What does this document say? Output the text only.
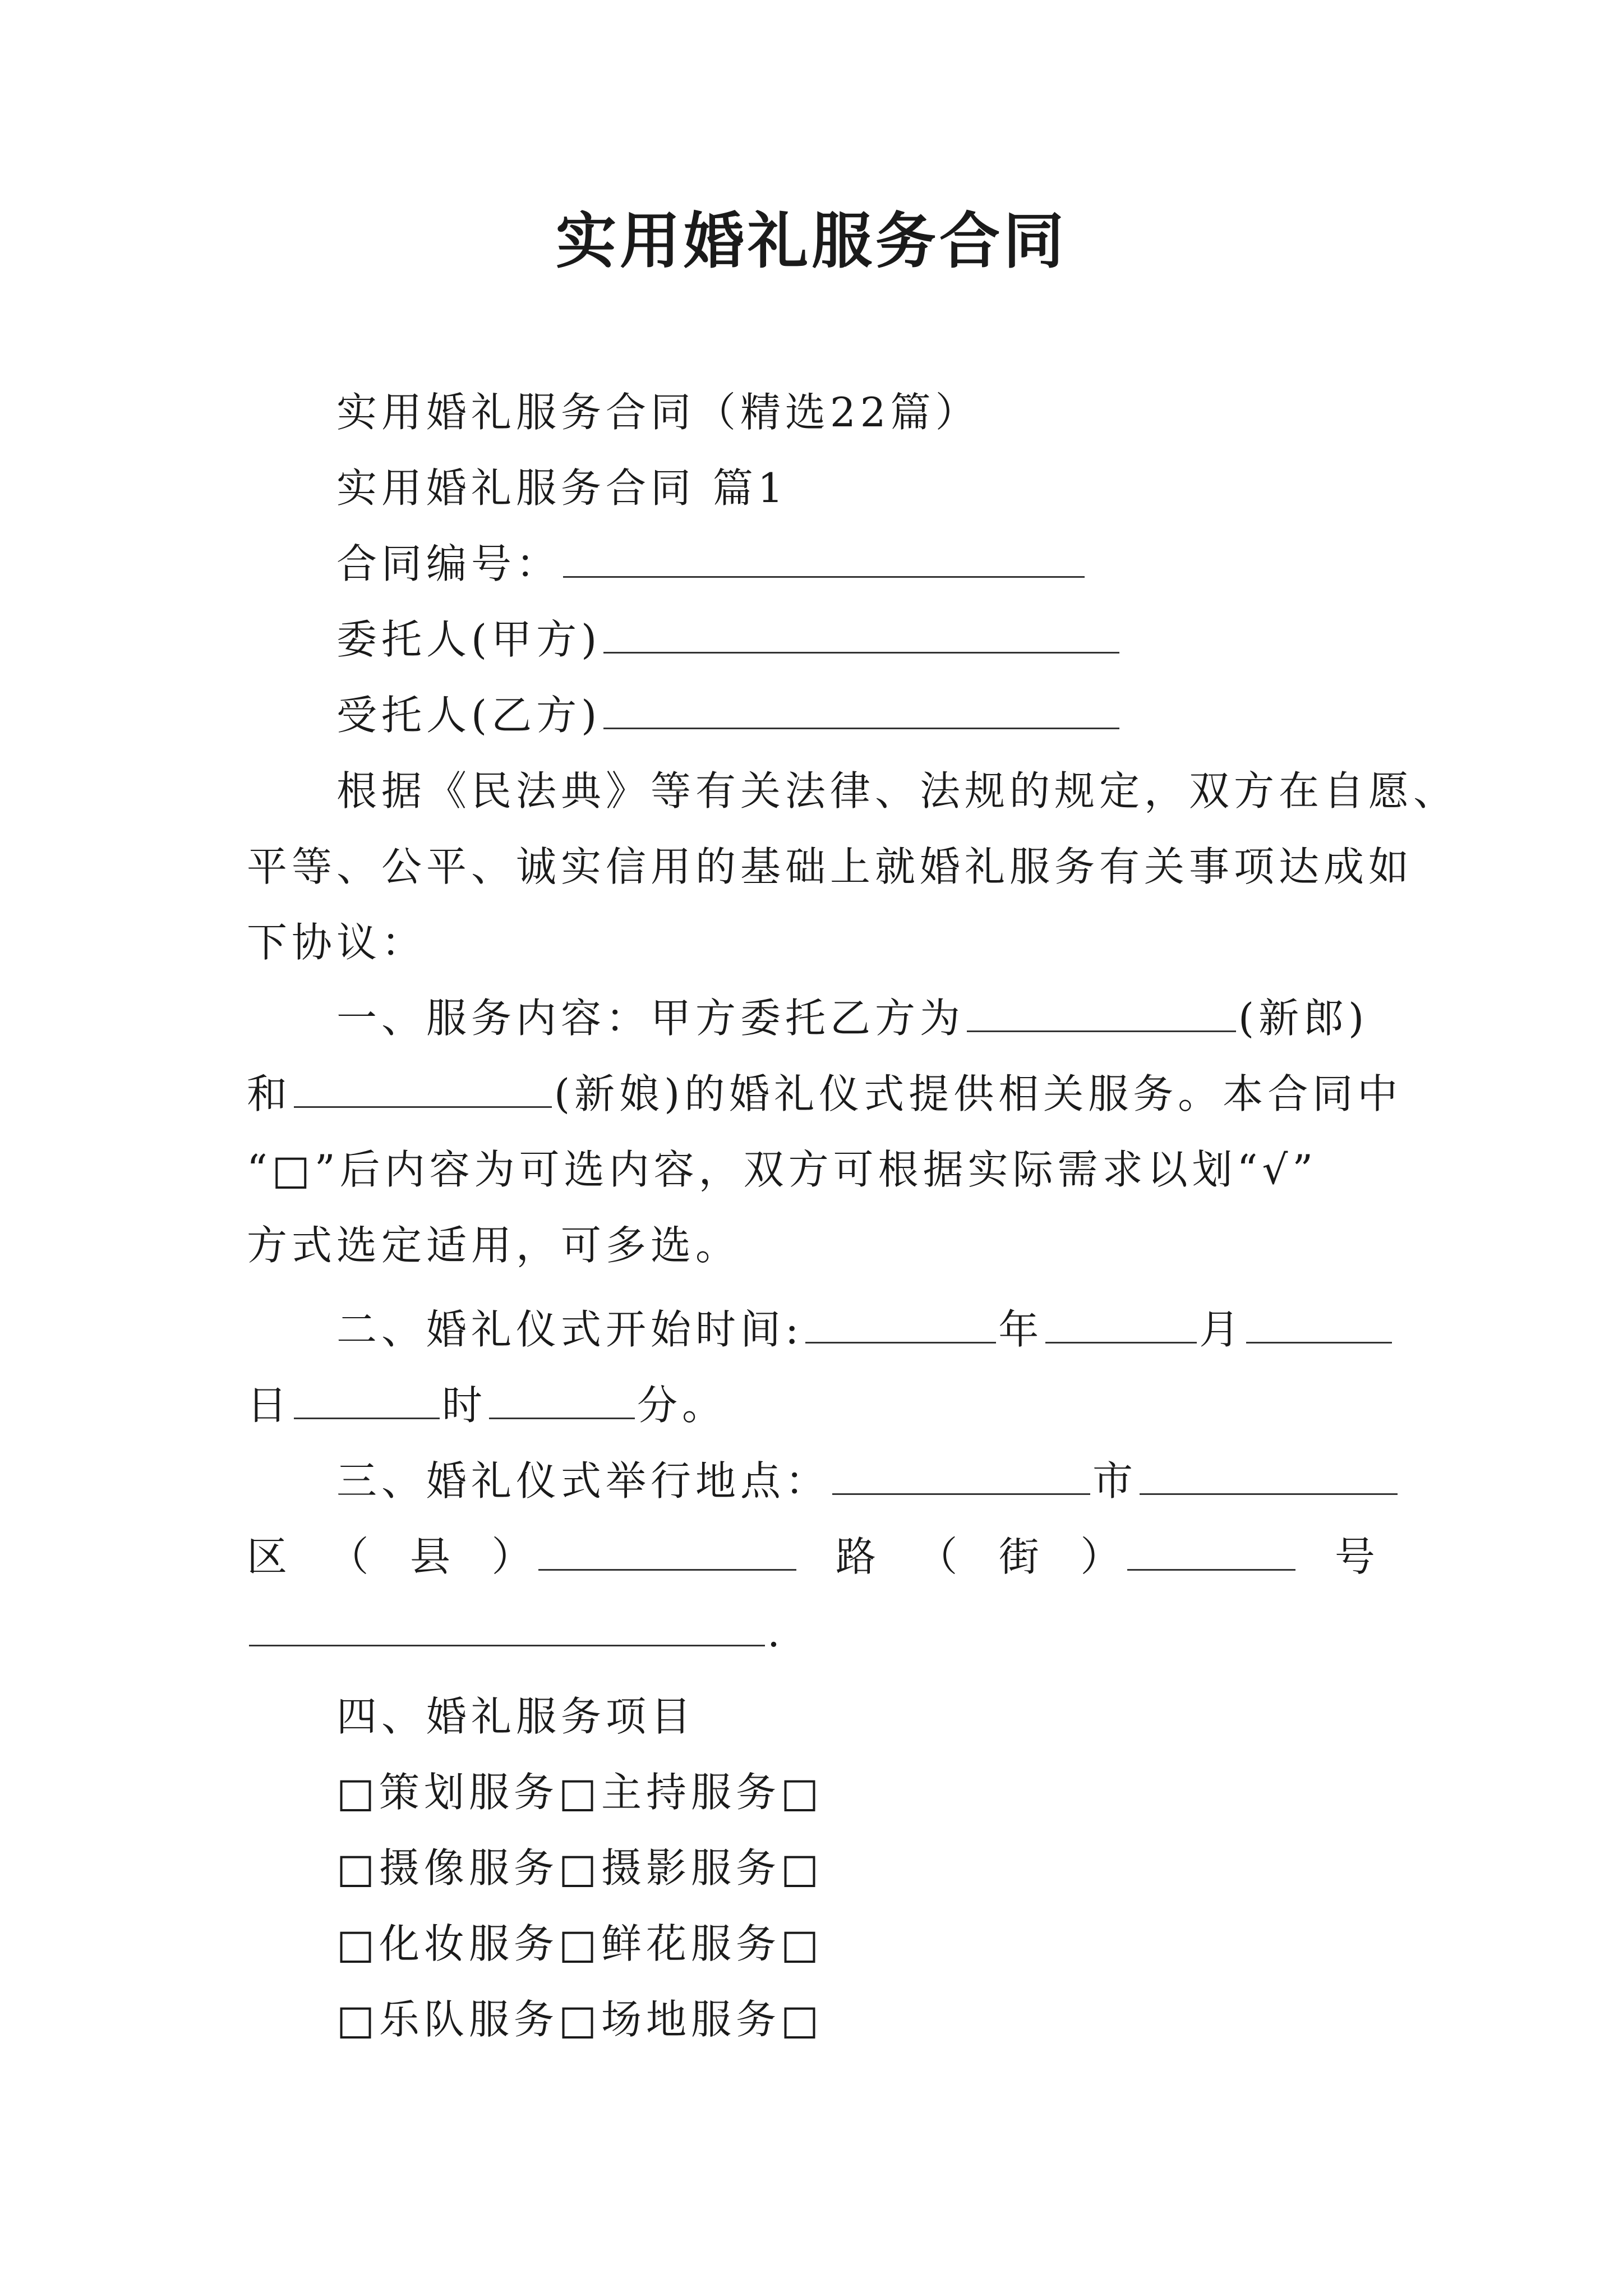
实用婚礼服务合同
实用婚礼服务合同（精选22篇）
实用婚礼服务合同 篇1
合同编号：
委托人(甲方)
受托人(乙方)
根据《民法典》等有关法律、法规的规定，双方在自愿、
平等、公平、诚实信用的基础上就婚礼服务有关事项达成如
下协议：
一、服务内容：甲方委托乙方为	(新郎)
和	(新娘)的婚礼仪式提供相关服务。本合同中
“□”后内容为可选内容，双方可根据实际需求以划“√”
方式选定适用，可多选。
二、婚礼仪式开始时间:	年	月
日	时	分。
三、婚礼仪式举行地点：	市
区 （ 县 ）	路 （ 街 ）	号
.
四、婚礼服务项目
□策划服务□主持服务□
□摄像服务□摄影服务□
□化妆服务□鲜花服务□
□乐队服务□场地服务□
